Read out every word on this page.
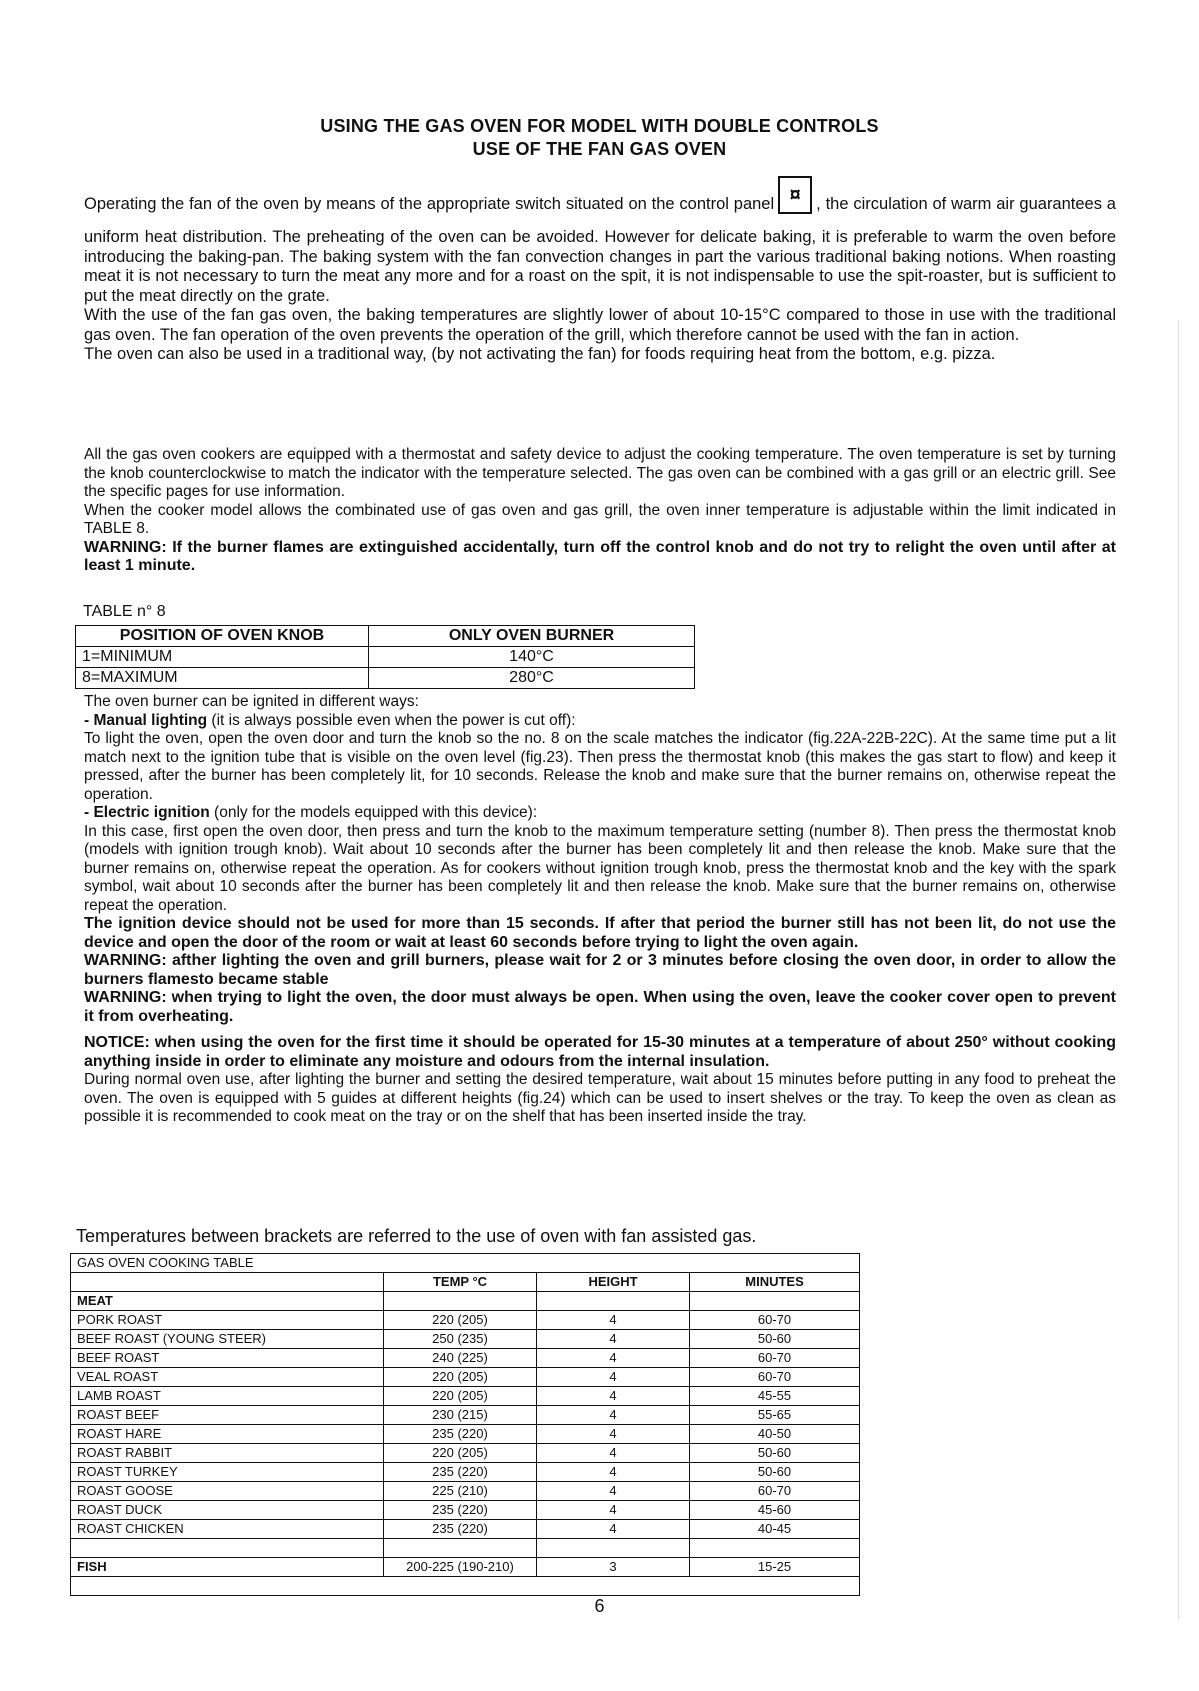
USING THE GAS OVEN FOR MODEL WITH DOUBLE CONTROLS
USE OF THE FAN GAS OVEN

Operating the fan of the oven by means of the appropriate switch situated on the control panel ¤ , the circulation of warm air guarantees a uniform heat distribution. The preheating of the oven can be avoided. However for delicate baking, it is preferable to warm the oven before introducing the baking-pan. The baking system with the fan convection changes in part the various traditional baking notions. When roasting meat it is not necessary to turn the meat any more and for a roast on the spit, it is not indispensable to use the spit-roaster, but is sufficient to put the meat directly on the grate.

With the use of the fan gas oven, the baking temperatures are slightly lower of about 10-15°C compared to those in use with the traditional gas oven. The fan operation of the oven prevents the operation of the grill, which therefore cannot be used with the fan in action.

The oven can also be used in a traditional way, (by not activating the fan) for foods requiring heat from the bottom, e.g. pizza.

All the gas oven cookers are equipped with a thermostat and safety device to adjust the cooking temperature. The oven temperature is set by turning the knob counterclockwise to match the indicator with the temperature selected. The gas oven can be combined with a gas grill or an electric grill. See the specific pages for use information.

When the cooker model allows the combinated use of gas oven and gas grill, the oven inner temperature is adjustable within the limit indicated in TABLE 8.

WARNING: If the burner flames are extinguished accidentally, turn off the control knob and do not try to relight the oven until after at least 1 minute.

TABLE n° 8
POSITION OF OVEN KNOB	ONLY OVEN BURNER
1=MINIMUM	140°C
8=MAXIMUM	280°C

The oven burner can be ignited in different ways:

- Manual lighting (it is always possible even when the power is cut off):

To light the oven, open the oven door and turn the knob so the no. 8 on the scale matches the indicator (fig.22A-22B-22C). At the same time put a lit match next to the ignition tube that is visible on the oven level (fig.23). Then press the thermostat knob (this makes the gas start to flow) and keep it pressed, after the burner has been completely lit, for 10 seconds. Release the knob and make sure that the burner remains on, otherwise repeat the operation.

- Electric ignition (only for the models equipped with this device):

In this case, first open the oven door, then press and turn the knob to the maximum temperature setting (number 8). Then press the thermostat knob (models with ignition trough knob). Wait about 10 seconds after the burner has been completely lit and then release the knob. Make sure that the burner remains on, otherwise repeat the operation. As for cookers without ignition trough knob, press the thermostat knob and the key with the spark symbol, wait about 10 seconds after the burner has been completely lit and then release the knob. Make sure that the burner remains on, otherwise repeat the operation.

The ignition device should not be used for more than 15 seconds. If after that period the burner still has not been lit, do not use the device and open the door of the room or wait at least 60 seconds before trying to light the oven again.

WARNING: afther lighting the oven and grill burners, please wait for 2 or 3 minutes before closing the oven door, in order to allow the burners flamesto became stable

WARNING: when trying to light the oven, the door must always be open. When using the oven, leave the cooker cover open to prevent it from overheating.

NOTICE: when using the oven for the first time it should be operated for 15-30 minutes at a temperature of about 250° without cooking anything inside in order to eliminate any moisture and odours from the internal insulation.

During normal oven use, after lighting the burner and setting the desired temperature, wait about 15 minutes before putting in any food to preheat the oven. The oven is equipped with 5 guides at different heights (fig.24) which can be used to insert shelves or the tray. To keep the oven as clean as possible it is recommended to cook meat on the tray or on the shelf that has been inserted inside the tray.

Temperatures between brackets are referred to the use of oven with fan assisted gas.
GAS OVEN COOKING TABLE			
	TEMP °C	HEIGHT	MINUTES
MEAT			
PORK ROAST	220 (205)	4	60-70
BEEF ROAST (YOUNG STEER)	250 (235)	4	50-60
BEEF ROAST	240 (225)	4	60-70
VEAL ROAST	220 (205)	4	60-70
LAMB ROAST	220 (205)	4	45-55
ROAST BEEF	230 (215)	4	55-65
ROAST HARE	235 (220)	4	40-50
ROAST RABBIT	220 (205)	4	50-60
ROAST TURKEY	235 (220)	4	50-60
ROAST GOOSE	225 (210)	4	60-70
ROAST DUCK	235 (220)	4	45-60
ROAST CHICKEN	235 (220)	4	40-45

FISH	200-225 (190-210)	3	15-25

6
